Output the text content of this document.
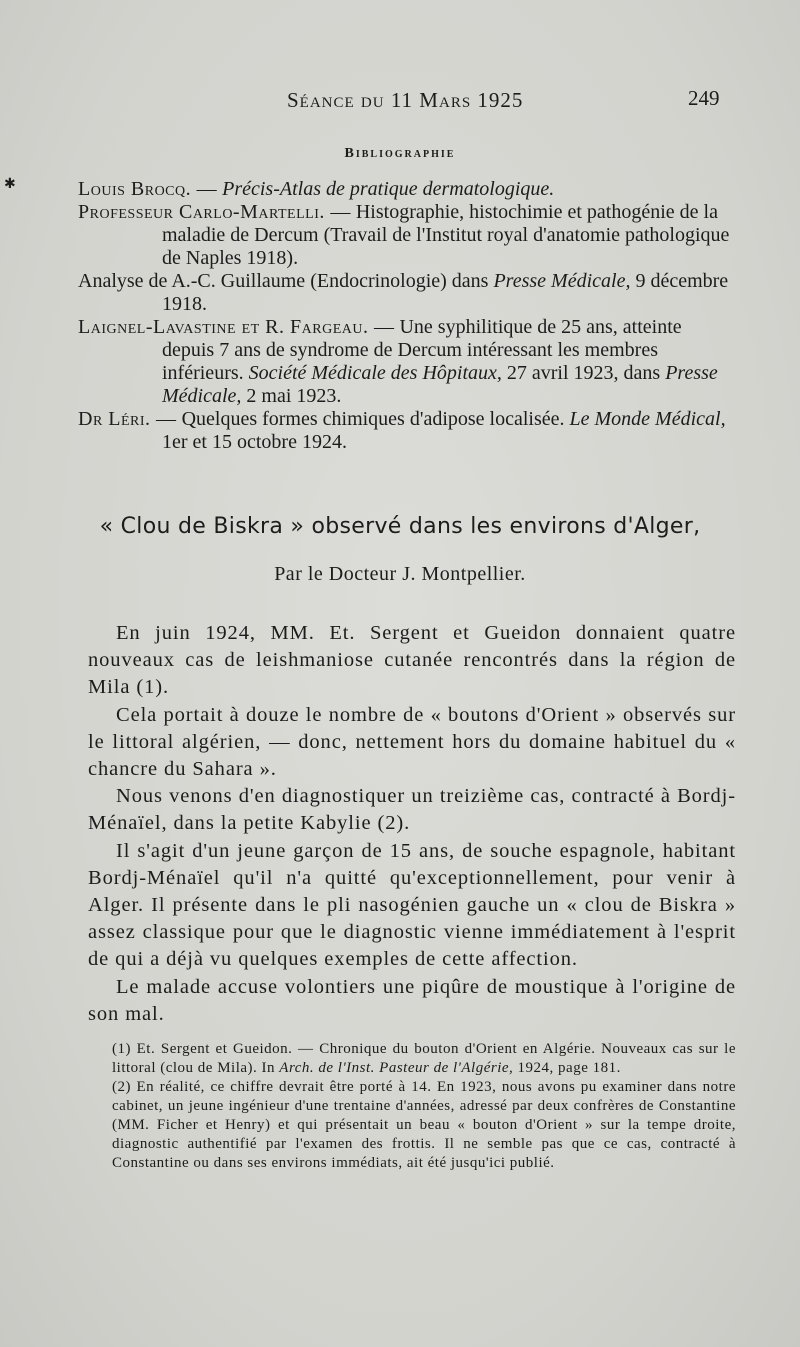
Séance du 11 Mars 1925	249
Bibliographie
✱	Louis Brocq. — Précis-Atlas de pratique dermatologique.

Professeur Carlo-Martelli. — Histographie, histochimie et pathogénie de la maladie de Dercum (Travail de l'Institut royal d'anatomie pathologique de Naples 1918).

Analyse de A.-C. Guillaume (Endocrinologie) dans Presse Médicale, 9 décembre 1918.

Laignel-Lavastine et R. Fargeau. — Une syphilitique de 25 ans, atteinte depuis 7 ans de syndrome de Dercum intéressant les membres inférieurs. Société Médicale des Hôpitaux, 27 avril 1923, dans Presse Médicale, 2 mai 1923.

Dr Léri. — Quelques formes chimiques d'adipose localisée. Le Monde Médical, 1er et 15 octobre 1924.

« Clou de Biskra » observé dans les environs d'Alger,
Par le Docteur J. Montpellier.

En juin 1924, MM. Et. Sergent et Gueidon donnaient quatre nouveaux cas de leishmaniose cutanée rencontrés dans la région de Mila (1).

Cela portait à douze le nombre de « boutons d'Orient » observés sur le littoral algérien, — donc, nettement hors du domaine habituel du « chancre du Sahara ».

Nous venons d'en diagnostiquer un treizième cas, contracté à Bordj-Ménaïel, dans la petite Kabylie (2).

Il s'agit d'un jeune garçon de 15 ans, de souche espagnole, habitant Bordj-Ménaïel qu'il n'a quitté qu'exceptionnellement, pour venir à Alger. Il présente dans le pli nasogénien gauche un « clou de Biskra » assez classique pour que le diagnostic vienne immédiatement à l'esprit de qui a déjà vu quelques exemples de cette affection.

Le malade accuse volontiers une piqûre de moustique à l'origine de son mal.

(1) Et. Sergent et Gueidon. — Chronique du bouton d'Orient en Algérie. Nouveaux cas sur le littoral (clou de Mila). In Arch. de l'Inst. Pasteur de l'Algérie, 1924, page 181.

(2) En réalité, ce chiffre devrait être porté à 14. En 1923, nous avons pu examiner dans notre cabinet, un jeune ingénieur d'une trentaine d'années, adressé par deux confrères de Constantine (MM. Ficher et Henry) et qui présentait un beau « bouton d'Orient » sur la tempe droite, diagnostic authentifié par l'examen des frottis. Il ne semble pas que ce cas, contracté à Constantine ou dans ses environs immédiats, ait été jusqu'ici publié.
